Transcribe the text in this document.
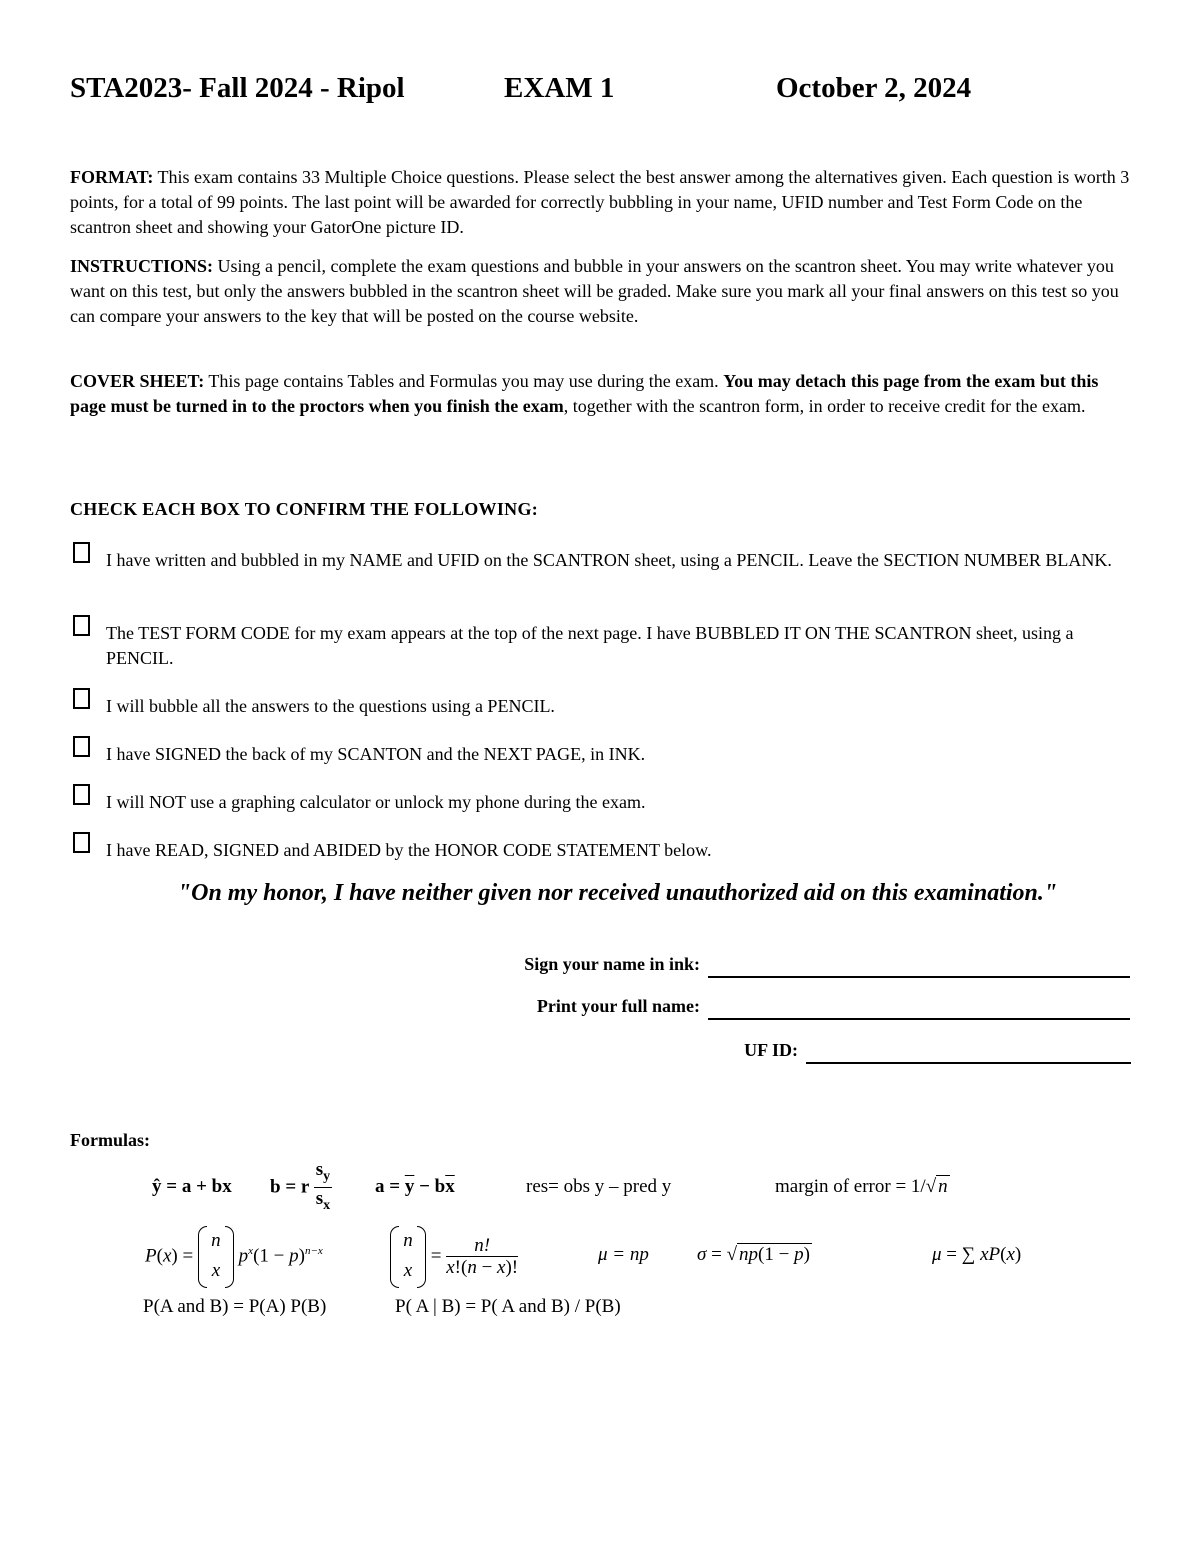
STA2023- Fall 2024 - Ripol	EXAM 1	October 2, 2024
FORMAT: This exam contains 33 Multiple Choice questions. Please select the best answer among the alternatives given. Each question is worth 3 points, for a total of 99 points. The last point will be awarded for correctly bubbling in your name, UFID number and Test Form Code on the scantron sheet and showing your GatorOne picture ID.
INSTRUCTIONS: Using a pencil, complete the exam questions and bubble in your answers on the scantron sheet. You may write whatever you want on this test, but only the answers bubbled in the scantron sheet will be graded. Make sure you mark all your final answers on this test so you can compare your answers to the key that will be posted on the course website.
COVER SHEET: This page contains Tables and Formulas you may use during the exam. You may detach this page from the exam but this page must be turned in to the proctors when you finish the exam, together with the scantron form, in order to receive credit for the exam.
CHECK EACH BOX TO CONFIRM THE FOLLOWING:
I have written and bubbled in my NAME and UFID on the SCANTRON sheet, using a PENCIL. Leave the SECTION NUMBER BLANK.
The TEST FORM CODE for my exam appears at the top of the next page. I have BUBBLED IT ON THE SCANTRON sheet, using a PENCIL.
I will bubble all the answers to the questions using a PENCIL.
I have SIGNED the back of my SCANTON and the NEXT PAGE, in INK.
I will NOT use a graphing calculator or unlock my phone during the exam.
I have READ, SIGNED and ABIDED by the HONOR CODE STATEMENT below.
"On my honor, I have neither given nor received unauthorized aid on this examination."
Sign your name in ink:
Print your full name:
UF ID:
Formulas:
ŷ = a + bx b = r $\frac{s_y}{s_x}$ $a = \overline{y} - b\overline{x}$	res= obs y – pred y	margin of error = 1/√ n
P(x) =
n
x
$p^x(1 - p)^{n-x}$
n
x
= $\frac{n!}{x!(n - x)!}$	μ = np	σ = √ np(1 − p)	μ = ∑ xP(x)
P(A and B) = P(A) P(B)	P( A | B) = P( A and B) / P(B)
